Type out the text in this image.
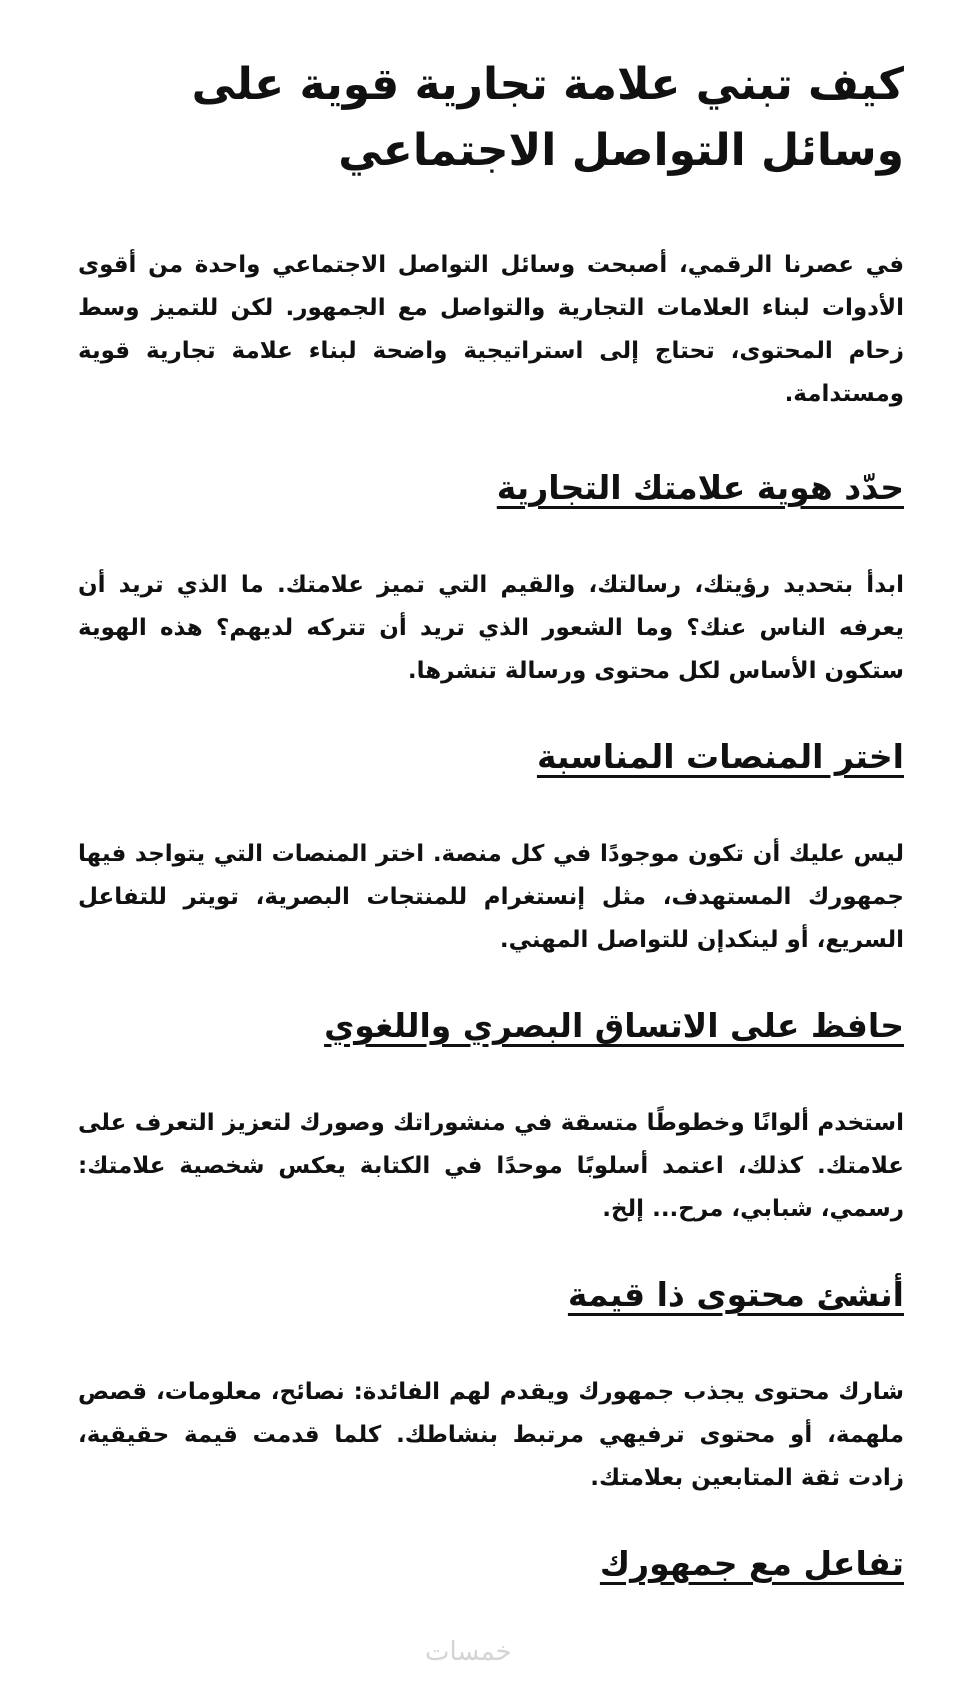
كيف تبني علامة تجارية قوية على وسائل التواصل الاجتماعي

في عصرنا الرقمي، أصبحت وسائل التواصل الاجتماعي واحدة من أقوى الأدوات لبناء العلامات التجارية والتواصل مع الجمهور. لكن للتميز وسط زحام المحتوى، تحتاج إلى استراتيجية واضحة لبناء علامة تجارية قوية ومستدامة.

حدّد هوية علامتك التجارية

ابدأ بتحديد رؤيتك، رسالتك، والقيم التي تميز علامتك. ما الذي تريد أن يعرفه الناس عنك؟ وما الشعور الذي تريد أن تتركه لديهم؟ هذه الهوية ستكون الأساس لكل محتوى ورسالة تنشرها.

اختر المنصات المناسبة

ليس عليك أن تكون موجودًا في كل منصة. اختر المنصات التي يتواجد فيها جمهورك المستهدف، مثل إنستغرام للمنتجات البصرية، تويتر للتفاعل السريع، أو لينكدإن للتواصل المهني.

حافظ على الاتساق البصري واللغوي

استخدم ألوانًا وخطوطًا متسقة في منشوراتك وصورك لتعزيز التعرف على علامتك. كذلك، اعتمد أسلوبًا موحدًا في الكتابة يعكس شخصية علامتك: رسمي، شبابي، مرح... إلخ.

أنشئ محتوى ذا قيمة

شارك محتوى يجذب جمهورك ويقدم لهم الفائدة: نصائح، معلومات، قصص ملهمة، أو محتوى ترفيهي مرتبط بنشاطك. كلما قدمت قيمة حقيقية، زادت ثقة المتابعين بعلامتك.

تفاعل مع جمهورك
خمسات
